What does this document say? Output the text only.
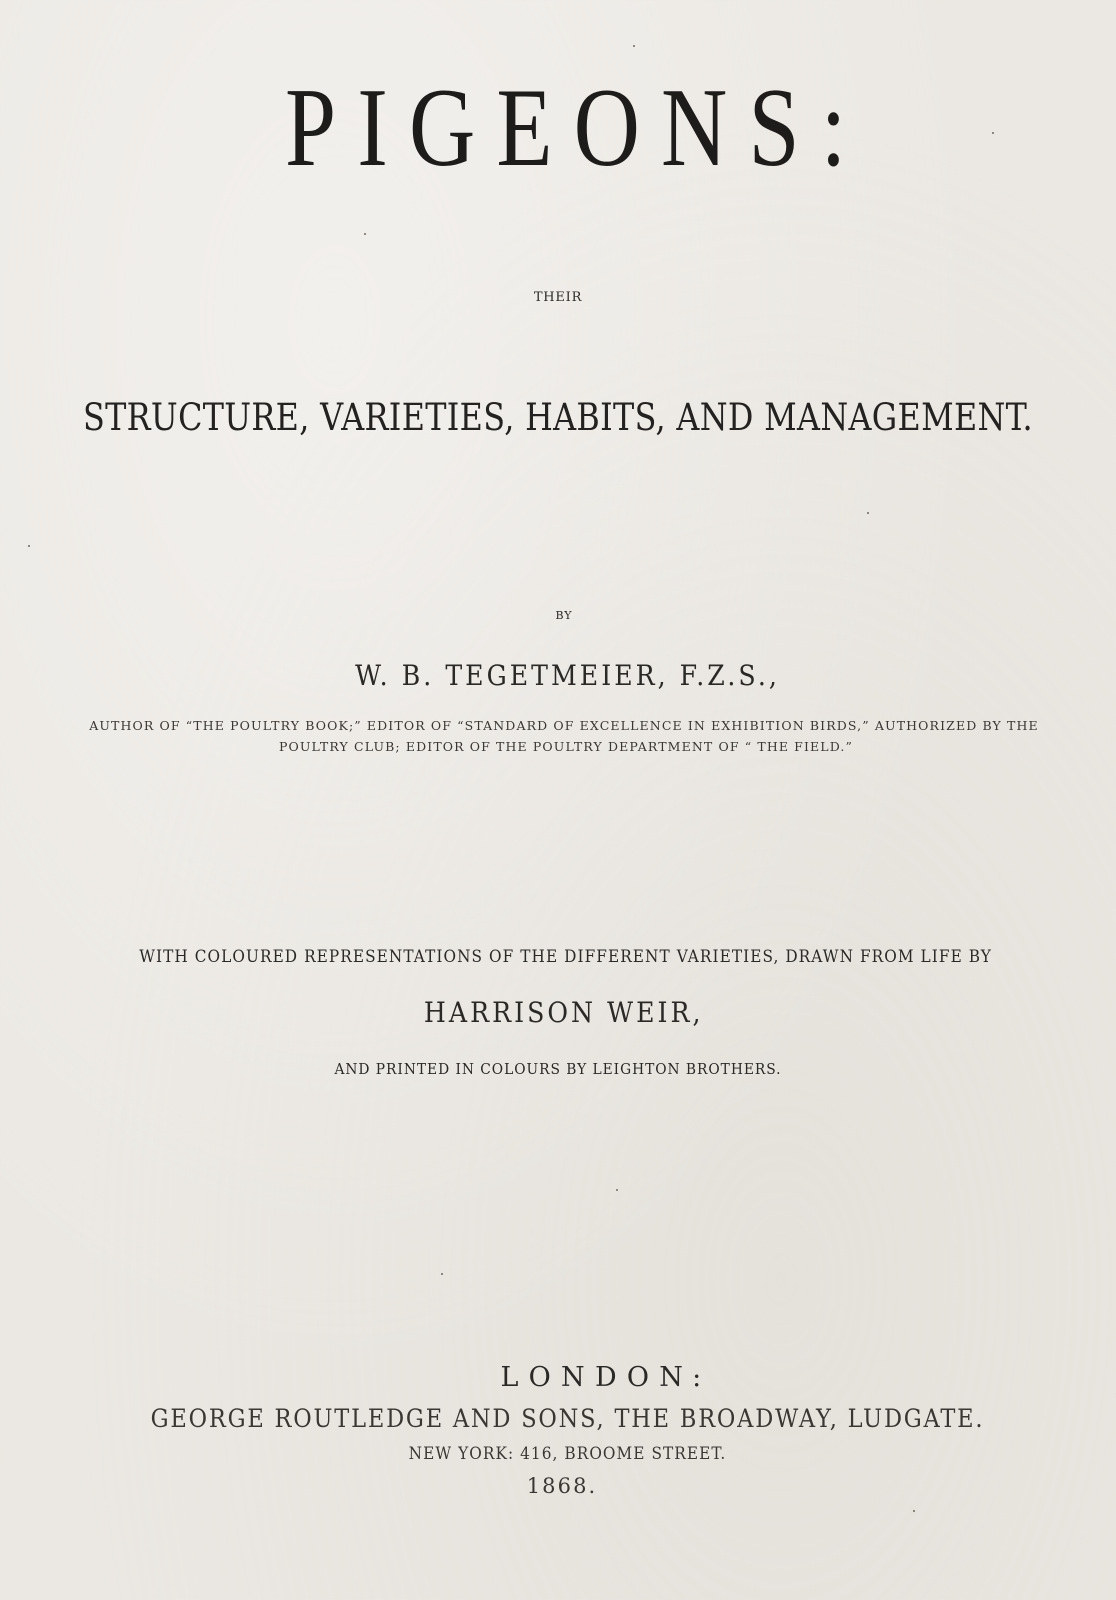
PIGEONS:
THEIR
STRUCTURE, VARIETIES, HABITS, AND MANAGEMENT.
BY
W. B. TEGETMEIER, F.Z.S.,
AUTHOR OF “THE POULTRY BOOK;” EDITOR OF “STANDARD OF EXCELLENCE IN EXHIBITION BIRDS,” AUTHORIZED BY THE
POULTRY CLUB; EDITOR OF THE POULTRY DEPARTMENT OF “ THE FIELD.”
WITH COLOURED REPRESENTATIONS OF THE DIFFERENT VARIETIES, DRAWN FROM LIFE BY
HARRISON WEIR,
AND PRINTED IN COLOURS BY LEIGHTON BROTHERS.
LONDON:
GEORGE ROUTLEDGE AND SONS, THE BROADWAY, LUDGATE.
NEW YORK: 416, BROOME STREET.
1868.
